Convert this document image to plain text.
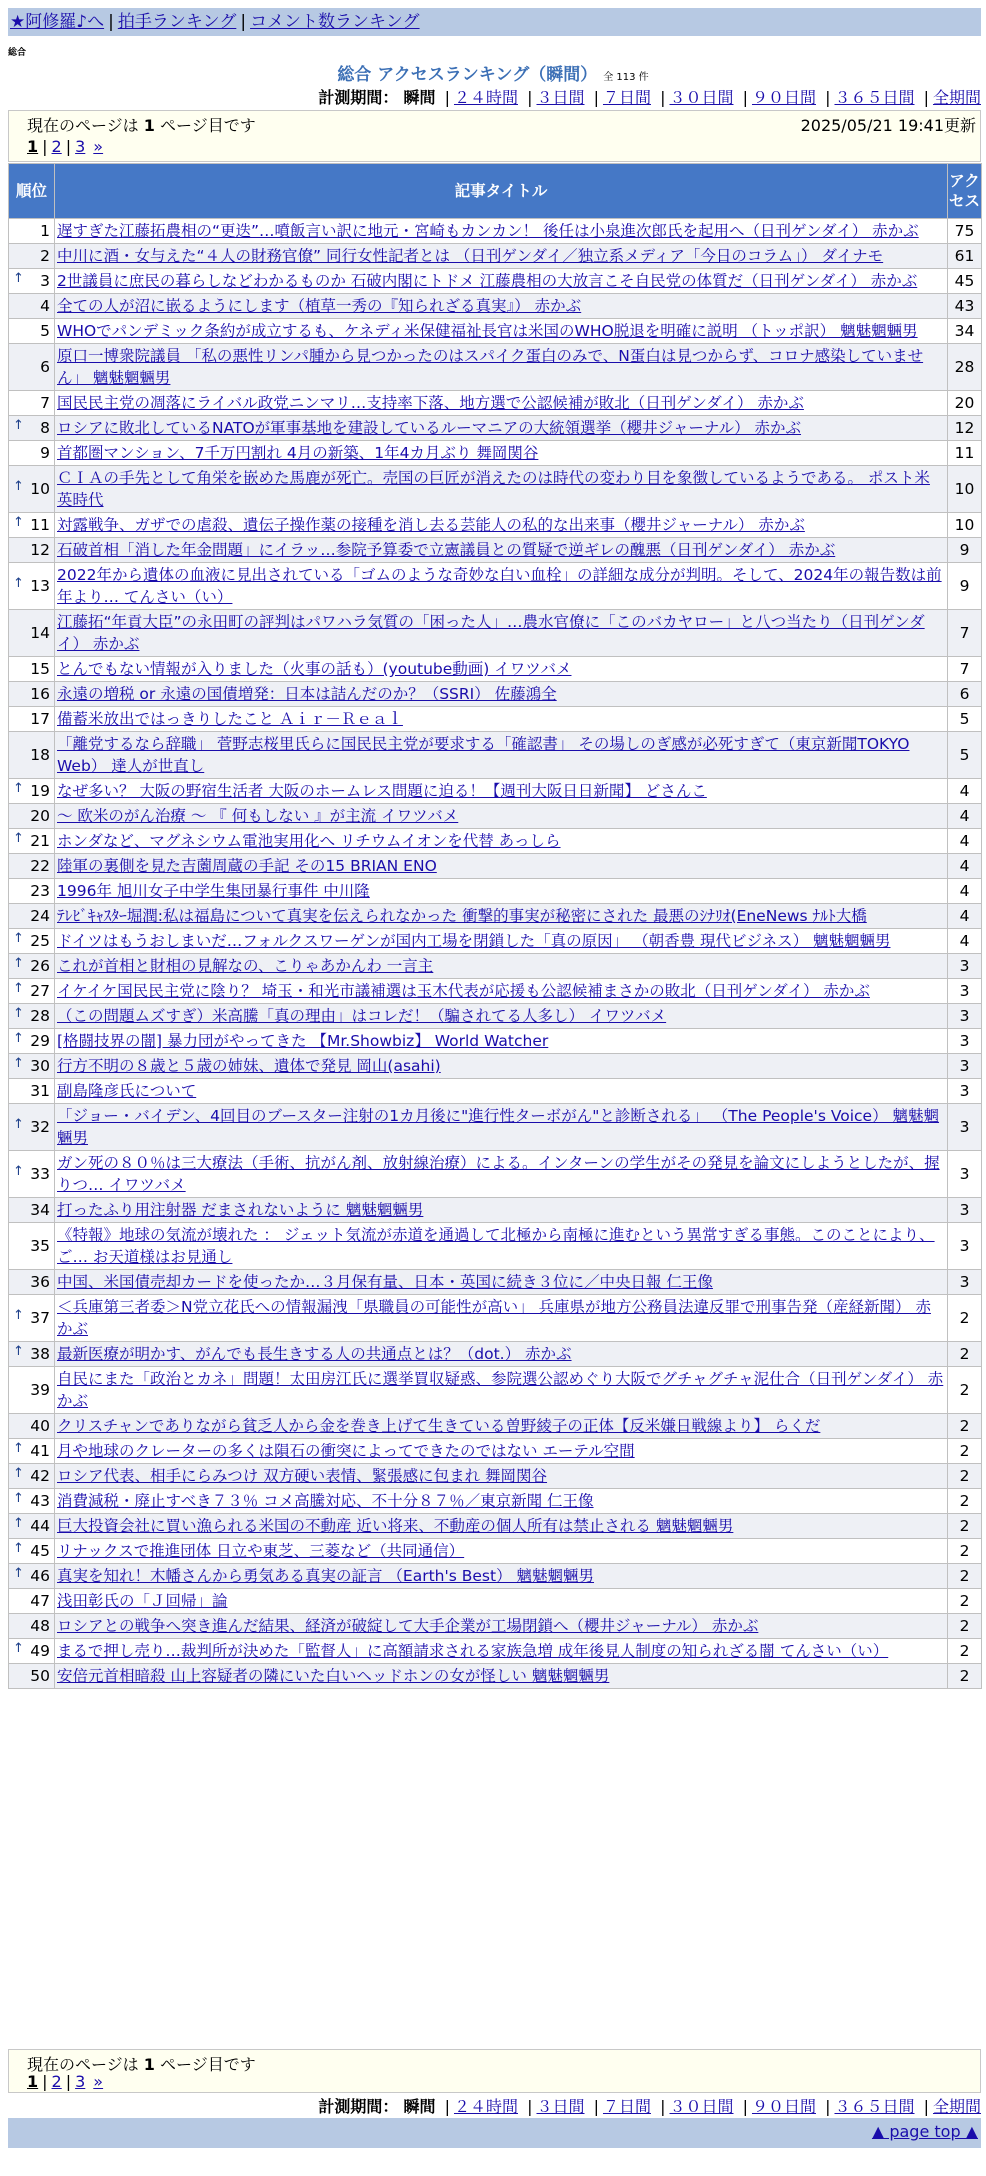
★阿修羅♪へ | 拍手ランキング | コメント数ランキング
総合
総合 アクセスランキング（瞬間） 全 113 件
計測期間： 瞬間 | ２４時間 | ３日間 | ７日間 | ３０日間 | ９０日間 | ３６５日間 | 全期間
現在のページは 1 ページ目です	2025/05/21 19:41更新
1 | 2 | 3 »
順位	記事タイトル	アクセス
1	遅すぎた江藤拓農相の“更迭”…噴飯言い訳に地元・宮崎もカンカン！ 後任は小泉進次郎氏を起用へ（日刊ゲンダイ） 赤かぶ	75
2	中川に酒・女与えた“４人の財務官僚” 同行女性記者とは （日刊ゲンダイ／独立系メディア「今日のコラム」） ダイナモ	61

↑ 3	2世議員に庶民の暮らしなどわかるものか 石破内閣にトドメ 江藤農相の大放言こそ自民党の体質だ（日刊ゲンダイ） 赤かぶ	45
4	全ての人が沼に嵌るようにします（植草一秀の『知られざる真実』） 赤かぶ	43
5	WHOでパンデミック条約が成立するも、ケネディ米保健福祉長官は米国のWHO脱退を明確に説明 （トッポ訳） 魑魅魍魎男	34
6	原口一博衆院議員 「私の悪性リンパ腫から見つかったのはスパイク蛋白のみで、N蛋白は見つからず、コロナ感染していません」 魑魅魍魎男	28
7	国民民主党の凋落にライバル政党ニンマリ…支持率下落、地方選で公認候補が敗北（日刊ゲンダイ） 赤かぶ	20

↑ 8	ロシアに敗北しているNATOが軍事基地を建設しているルーマニアの大統領選挙（櫻井ジャーナル） 赤かぶ	12
9	首都圏マンション、7千万円割れ 4月の新築、1年4カ月ぶり 舞岡関谷	11

↑ 10	ＣＩＡの手先として角栄を嵌めた馬鹿が死亡。売国の巨匠が消えたのは時代の変わり目を象徴しているようである。 ポスト米英時代	10

↑ 11	対露戦争、ガザでの虐殺、遺伝子操作薬の接種を消し去る芸能人の私的な出来事（櫻井ジャーナル） 赤かぶ	10
12	石破首相「消した年金問題」にイラッ…参院予算委で立憲議員との質疑で逆ギレの醜悪（日刊ゲンダイ） 赤かぶ	9

↑ 13	2022年から遺体の血液に見出されている「ゴムのような奇妙な白い血栓」の詳細な成分が判明。そして、2024年の報告数は前年より… てんさい（い）	9
14	江藤拓“年貢大臣”の永田町の評判はパワハラ気質の「困った人」…農水官僚に「このバカヤロー」と八つ当たり（日刊ゲンダイ） 赤かぶ	7
15	とんでもない情報が入りました（火事の話も）(youtube動画) イワツバメ	7
16	永遠の増税 or 永遠の国債増発：日本は詰んだのか？（SSRI） 佐藤鴻全	6
17	備蓄米放出ではっきりしたこと Ａｉｒ－Ｒｅａｌ	5
18	「離党するなら辞職」 菅野志桜里氏らに国民民主党が要求する「確認書」 その場しのぎ感が必死すぎて（東京新聞TOKYO Web） 達人が世直し	5

↑ 19	なぜ多い？ 大阪の野宿生活者 大阪のホームレス問題に迫る！【週刊大阪日日新聞】 どさんこ	4
20	～ 欧米のがん治療 ～ 『 何もしない 』が主流 イワツバメ	4

↑ 21	ホンダなど、マグネシウム電池実用化へ リチウムイオンを代替 あっしら	4
22	陸軍の裏側を見た吉薗周蔵の手記 その15 BRIAN ENO	4
23	1996年 旭川女子中学生集団暴行事件 中川隆	4
24	ﾃﾚﾋﾞｷｬｽﾀｰ堀潤:私は福島について真実を伝えられなかった 衝撃的事実が秘密にされた 最悪のｼﾅﾘｵ(EneNews ﾅﾙﾄ大橋	4

↑ 25	ドイツはもうおしまいだ…フォルクスワーゲンが国内工場を閉鎖した「真の原因」 （朝香豊 現代ビジネス） 魑魅魍魎男	4

↑ 26	これが首相と財相の見解なの、こりゃあかんわ 一言主	3

↑ 27	イケイケ国民民主党に陰り？ 埼玉・和光市議補選は玉木代表が応援も公認候補まさかの敗北（日刊ゲンダイ） 赤かぶ	3

↑ 28	（この問題ムズすぎ）米高騰「真の理由」はコレだ！（騙されてる人多し） イワツバメ	3

↑ 29	[格闘技界の闇] 暴力団がやってきた 【Mr.Showbiz】 World Watcher	3

↑ 30	行方不明の８歳と５歳の姉妹、遺体で発見 岡山(asahi)	3
31	副島隆彦氏について	3

↑ 32	「ジョー・バイデン、4回目のブースター注射の1カ月後に"進行性ターボがん"と診断される」 （The People's Voice） 魑魅魍魎男	3

↑ 33	ガン死の８０％は三大療法（手術、抗がん剤、放射線治療）による。インターンの学生がその発見を論文にしようとしたが、握りつ… イワツバメ	3
34	打ったふり用注射器 だまされないように 魑魅魍魎男	3
35	《特報》地球の気流が壊れた ： ジェット気流が赤道を通過して北極から南極に進むという異常すぎる事態。このことにより、ご… お天道様はお見通し	3
36	中国、米国債売却カードを使ったか…３月保有量、日本・英国に続き３位に／中央日報 仁王像	3

↑ 37	＜兵庫第三者委＞N党立花氏への情報漏洩「県職員の可能性が高い」 兵庫県が地方公務員法違反罪で刑事告発（産経新聞） 赤かぶ	2

↑ 38	最新医療が明かす、がんでも長生きする人の共通点とは？（dot.） 赤かぶ	2
39	自民にまた「政治とカネ」問題！太田房江氏に選挙買収疑惑、参院選公認めぐり大阪でグチャグチャ泥仕合（日刊ゲンダイ） 赤かぶ	2
40	クリスチャンでありながら貧乏人から金を巻き上げて生きている曽野綾子の正体【反米嫌日戦線より】 らくだ	2

↑ 41	月や地球のクレーターの多くは隕石の衝突によってできたのではない エーテル空間	2

↑ 42	ロシア代表、相手にらみつけ 双方硬い表情、緊張感に包まれ 舞岡関谷	2

↑ 43	消費減税・廃止すべき７３％ コメ高騰対応、不十分８７％／東京新聞 仁王像	2

↑ 44	巨大投資会社に買い漁られる米国の不動産 近い将来、不動産の個人所有は禁止される 魑魅魍魎男	2

↑ 45	リナックスで推進団体 日立や東芝、三菱など（共同通信）	2

↑ 46	真実を知れ！木幡さんから勇気ある真実の証言 （Earth's Best） 魑魅魍魎男	2
47	浅田彰氏の「Ｊ回帰」論	2
48	ロシアとの戦争へ突き進んだ結果、経済が破綻して大手企業が工場閉鎖へ（櫻井ジャーナル） 赤かぶ	2

↑ 49	まるで押し売り…裁判所が決めた「監督人」に高額請求される家族急増 成年後見人制度の知られざる闇 てんさい（い）	2
50	安倍元首相暗殺 山上容疑者の隣にいた白いヘッドホンの女が怪しい 魑魅魍魎男	2
現在のページは 1 ページ目です
1 | 2 | 3 »
計測期間： 瞬間 | ２４時間 | ３日間 | ７日間 | ３０日間 | ９０日間 | ３６５日間 | 全期間
▲ page top ▲
